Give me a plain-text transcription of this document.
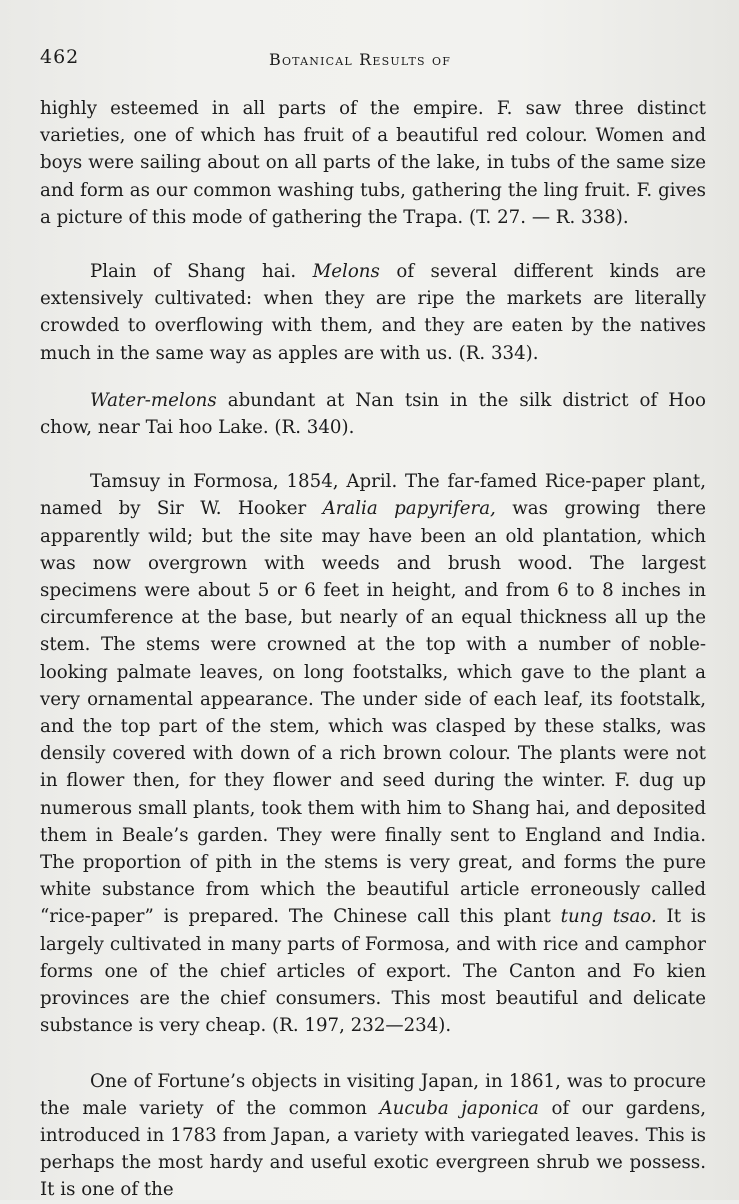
462	Botanical Results of

highly esteemed in all parts of the empire. F. saw three distinct varieties, one of which has fruit of a beautiful red colour. Women and boys were sailing about on all parts of the lake, in tubs of the same size and form as our common washing tubs, gathering the ling fruit. F. gives a picture of this mode of gathering the Trapa. (T. 27. — R. 338).

Plain of Shang hai. Melons of several different kinds are extensively cultivated: when they are ripe the markets are literally crowded to overflowing with them, and they are eaten by the natives much in the same way as apples are with us. (R. 334).

Water-melons abundant at Nan tsin in the silk district of Hoo chow, near Tai hoo Lake. (R. 340).

Tamsuy in Formosa, 1854, April. The far-famed Rice-paper plant, named by Sir W. Hooker Aralia papyrifera, was growing there apparently wild; but the site may have been an old plantation, which was now overgrown with weeds and brush wood. The largest specimens were about 5 or 6 feet in height, and from 6 to 8 inches in circumference at the base, but nearly of an equal thickness all up the stem. The stems were crowned at the top with a number of noble-looking palmate leaves, on long footstalks, which gave to the plant a very ornamental appearance. The under side of each leaf, its footstalk, and the top part of the stem, which was clasped by these stalks, was densily covered with down of a rich brown colour. The plants were not in flower then, for they flower and seed during the winter. F. dug up numerous small plants, took them with him to Shang hai, and deposited them in Beale’s garden. They were finally sent to England and India. The proportion of pith in the stems is very great, and forms the pure white substance from which the beautiful article erroneously called “rice-paper” is prepared. The Chinese call this plant tung tsao. It is largely cultivated in many parts of Formosa, and with rice and camphor forms one of the chief articles of export. The Canton and Fo kien provinces are the chief consumers. This most beautiful and delicate substance is very cheap. (R. 197, 232—234).

One of Fortune’s objects in visiting Japan, in 1861, was to procure the male variety of the common Aucuba japonica of our gardens, introduced in 1783 from Japan, a variety with variegated leaves. This is perhaps the most hardy and useful exotic evergreen shrub we possess. It is one of the
